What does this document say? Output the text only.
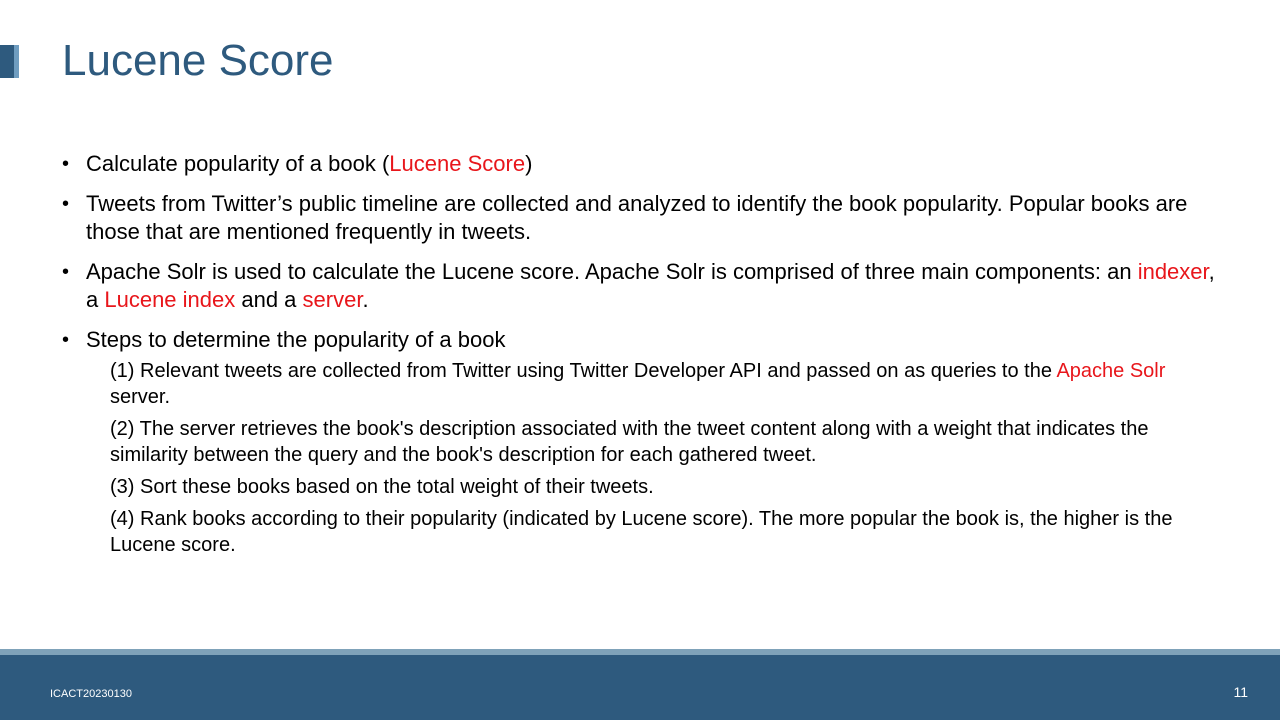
Lucene Score
• Calculate popularity of a book (Lucene Score)
• Tweets from Twitter’s public timeline are collected and analyzed to identify the book popularity. Popular books are those that are mentioned frequently in tweets.
• Apache Solr is used to calculate the Lucene score. Apache Solr is comprised of three main components: an indexer, a Lucene index and a server.
• Steps to determine the popularity of a book
(1) Relevant tweets are collected from Twitter using Twitter Developer API and passed on as queries to the Apache Solr server.
(2) The server retrieves the book's description associated with the tweet content along with a weight that indicates the similarity between the query and the book's description for each gathered tweet.
(3) Sort these books based on the total weight of their tweets.
(4) Rank books according to their popularity (indicated by Lucene score). The more popular the book is, the higher is the Lucene score.
ICACT20230130	11
